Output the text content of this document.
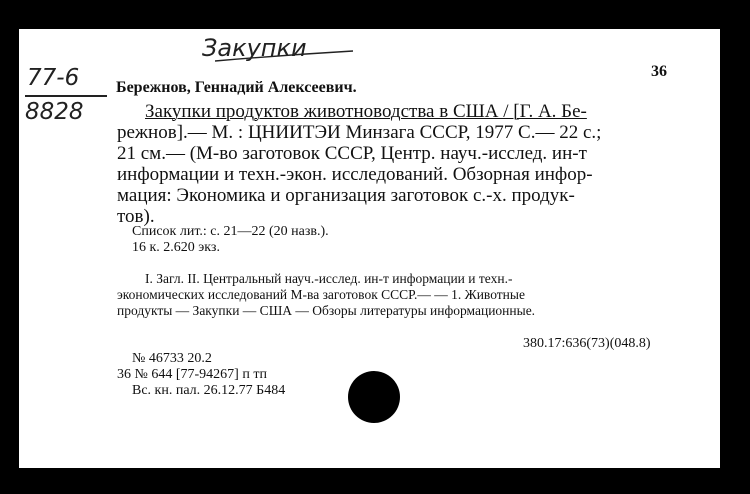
Закупки
77-6
8828
36
Бережнов, Геннадий Алексеевич.
Закупки продуктов животноводства в США / [Г. А. Бе-
режнов].— М. : ЦНИИТЭИ Минзага СССР, 1977 С.— 22 с.;
21 см.— (М-во заготовок СССР, Центр. науч.-исслед. ин-т
информации и техн.-экон. исследований. Обзорная инфор-
мация: Экономика и организация заготовок с.-х. продук-
тов).
Список лит.: с. 21—22 (20 назв.).
16 к. 2.620 экз.
I. Загл. II. Центральный науч.-исслед. ин-т информации и техн.-
экономических исследований М-ва заготовок СССР.— — 1. Животные
продукты — Закупки — США — Обзоры литературы информационные.
380.17:636(73)(048.8)
№ 46733 20.2
36 № 644 [77-94267] п тп
Вс. кн. пал. 26.12.77 Б484
